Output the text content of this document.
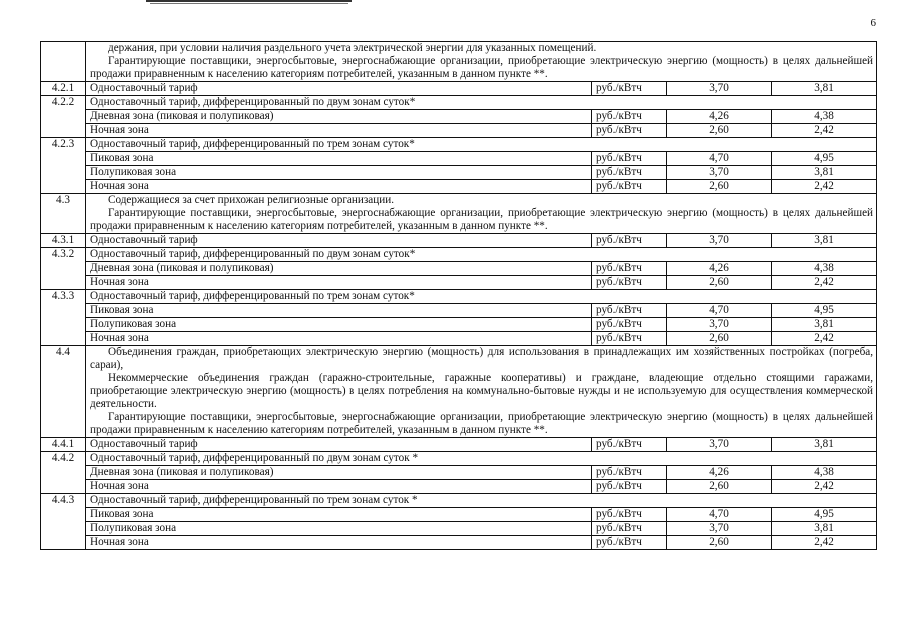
6

	держания, при условии наличия раздельного учета электрической энергии для указанных помещений.

Гарантирующие поставщики, энергосбытовые, энергоснабжающие организации, приобретающие электрическую энергию (мощность) в целях дальнейшей продажи приравненным к населению категориям потребителей, указанным в данном пункте **.			

4.2.1	Одноставочный тариф	руб./кВтч	3,70	3,81
4.2.2	Одноставочный тариф, дифференцированный по двум зонам суток*			
	Дневная зона (пиковая и полупиковая)	руб./кВтч	4,26	4,38
	Ночная зона	руб./кВтч	2,60	2,42
4.2.3	Одноставочный тариф, дифференцированный по трем зонам суток*			
	Пиковая зона	руб./кВтч	4,70	4,95
	Полупиковая зона	руб./кВтч	3,70	3,81
	Ночная зона	руб./кВтч	2,60	2,42
4.3	Содержащиеся за счет прихожан религиозные организации.

Гарантирующие поставщики, энергосбытовые, энергоснабжающие организации, приобретающие электрическую энергию (мощность) в целях дальнейшей продажи приравненным к населению категориям потребителей, указанным в данном пункте **.			

4.3.1	Одноставочный тариф	руб./кВтч	3,70	3,81
4.3.2	Одноставочный тариф, дифференцированный по двум зонам суток*			
	Дневная зона (пиковая и полупиковая)	руб./кВтч	4,26	4,38
	Ночная зона	руб./кВтч	2,60	2,42
4.3.3	Одноставочный тариф, дифференцированный по трем зонам суток*			
	Пиковая зона	руб./кВтч	4,70	4,95
	Полупиковая зона	руб./кВтч	3,70	3,81
	Ночная зона	руб./кВтч	2,60	2,42
4.4	Объединения граждан, приобретающих электрическую энергию (мощность) для использования в принадлежащих им хозяйственных постройках (погреба, сараи),

Некоммерческие объединения граждан (гаражно-строительные, гаражные кооперативы) и граждане, владеющие отдельно стоящими гаражами, приобретающие электрическую энергию (мощность) в целях потребления на коммунально-бытовые нужды и не используемую для осуществления коммерческой деятельности.

Гарантирующие поставщики, энергосбытовые, энергоснабжающие организации, приобретающие электрическую энергию (мощность) в целях дальнейшей продажи приравненным к населению категориям потребителей, указанным в данном пункте **.			

4.4.1	Одноставочный тариф	руб./кВтч	3,70	3,81
4.4.2	Одноставочный тариф, дифференцированный по двум зонам суток *			
	Дневная зона (пиковая и полупиковая)	руб./кВтч	4,26	4,38
	Ночная зона	руб./кВтч	2,60	2,42
4.4.3	Одноставочный тариф, дифференцированный по трем зонам суток *			
	Пиковая зона	руб./кВтч	4,70	4,95
	Полупиковая зона	руб./кВтч	3,70	3,81
	Ночная зона	руб./кВтч	2,60	2,42
